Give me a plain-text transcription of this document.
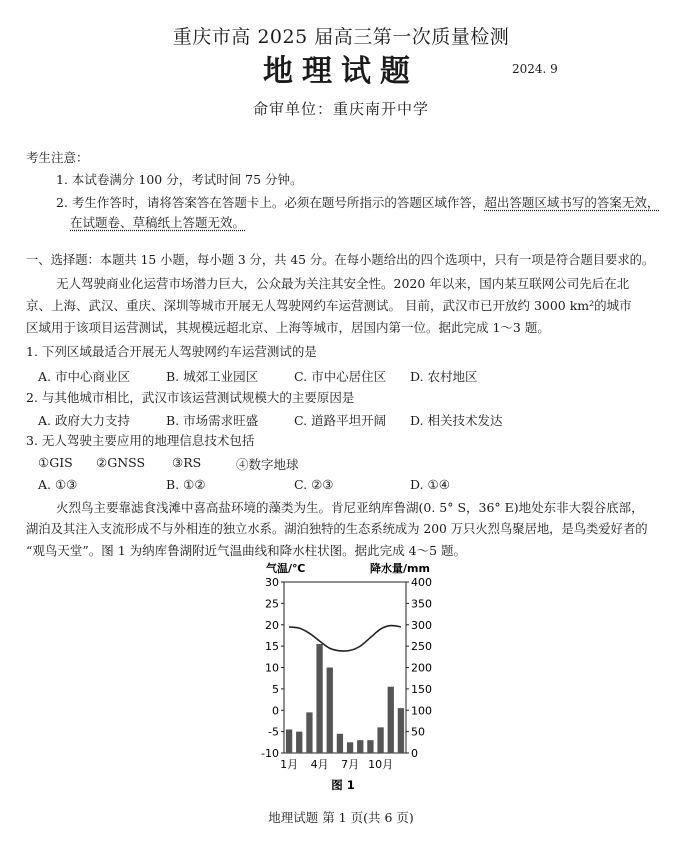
重庆市高 2025 届高三第一次质量检测
地理试题	2024. 9
命审单位：重庆南开中学
考生注意：
1. 本试卷满分 100 分，考试时间 75 分钟。
2. 考生作答时，请将答案答在答题卡上。必须在题号所指示的答题区域作答，超出答题区域书写的答案无效，
在试题卷、草稿纸上答题无效。
一、选择题：本题共 15 小题，每小题 3 分，共 45 分。在每小题给出的四个选项中，只有一项是符合题目要求的。
无人驾驶商业化运营市场潜力巨大，公众最为关注其安全性。2020 年以来，国内某互联网公司先后在北
京、上海、武汉、重庆、深圳等城市开展无人驾驶网约车运营测试。 目前，武汉市已开放约 3000 km²的城市
区域用于该项目运营测试，其规模远超北京、上海等城市，居国内第一位。据此完成 1～3 题。
1. 下列区域最适合开展无人驾驶网约车运营测试的是
A. 市中心商业区	B. 城郊工业园区	C. 市中心居住区 D. 农村地区
2. 与其他城市相比，武汉市该运营测试规模大的主要原因是
A. 政府大力支持	B. 市场需求旺盛	C. 道路平坦开阔 D. 相关技术发达
3. 无人驾驶主要应用的地理信息技术包括
①GIS ②GNSS ③RS	④数字地球
A. ①③	B. ①②	C. ②③	D. ①④
火烈鸟主要靠滤食浅滩中喜高盐环境的藻类为生。肯尼亚纳库鲁湖(0. 5° S，36° E)地处东非大裂谷底部，
湖泊及其注入支流形成不与外相连的独立水系。湖泊独特的生态系统成为 200 万只火烈鸟聚居地，是鸟类爱好者的
“观鸟天堂”。图 1 为纳库鲁湖附近气温曲线和降水柱状图。据此完成 4～5 题。
气温/℃	降水量/mm
30
25
20
15
10
5
0
-5
-10
400
350
300
250
200
150
100
50
0
1月 4月 7月 10月
图 1
地理试题 第 1 页(共 6 页)
